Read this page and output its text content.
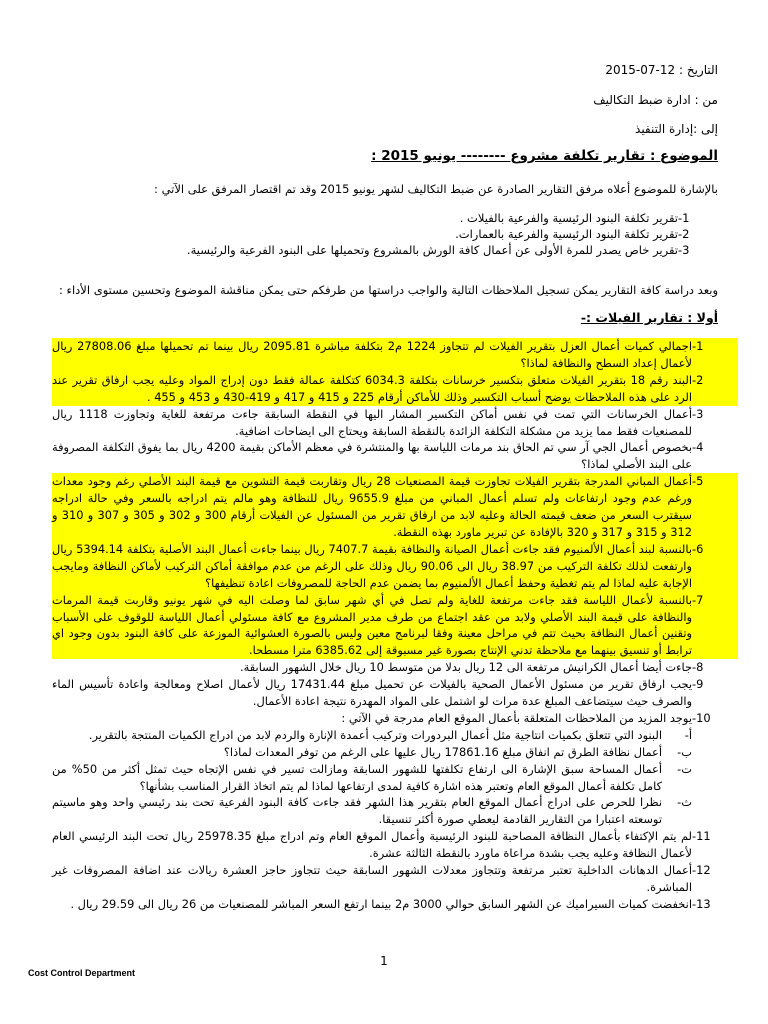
التاريخ : 12-07-2015
من : ادارة ضبط التكاليف
إلى :إدارة التنفيذ
الموضوع : تقارير تكلفة مشروع -------- يونيو 2015 :
بالإشارة للموضوع أعلاه مرفق التقارير الصادرة عن ضبط التكاليف لشهر يونيو 2015 وقد تم اقتصار المرفق على الآتي :
-1
تقرير تكلفة البنود الرئيسية والفرعية بالفيلات .
-2
تقرير تكلفة البنود الرئيسية والفرعية بالعمارات.
-3
تقرير خاص يصدر للمرة الأولى عن أعمال كافة الورش بالمشروع وتحميلها على البنود الفرعية والرئيسية.
وبعد دراسة كافة التقارير يمكن تسجيل الملاحظات التالية والواجب دراستها من طرفكم حتى يمكن مناقشة الموضوع وتحسين مستوى الأداء :
أولا : تقارير الفيلات :-
-1
اجمالي كميات أعمال العزل بتقرير الفيلات لم تتجاوز 1224 م2 بتكلفة مباشرة 2095.81 ريال بينما تم تحميلها مبلغ 27808.06 ريال لأعمال إعداد السطح والنظافة لماذا؟
-2
البند رقم 18 بتقرير الفيلات متعلق بتكسير خرسانات بتكلفة 6034.3 كتكلفة عمالة فقط دون إدراج المواد وعليه يجب ارفاق تقرير عند الرد على هذه الملاحظات يوضح أسباب التكسير وذلك للأماكن أرقام 225 و 415 و 417 و 419-430 و 453 و 455 .
-3
أعمال الخرسانات التي تمت في نفس أماكن التكسير المشار اليها في النقطة السابقة جاءت مرتفعة للغاية وتجاوزت 1118 ريال للمصنعيات فقط مما يزيد من مشكلة التكلفة الزائدة بالنقطة السابقة ويحتاج الى ايضاحات اضافية.
-4
بخصوص أعمال الجي آر سي تم الحاق بند مرمات اللياسة بها والمنتشرة في معظم الأماكن بقيمة 4200 ريال بما يفوق التكلفة المصروفة على البند الأصلي لماذا؟
-5
أعمال المباني المدرجة بتقرير الفيلات تجاوزت قيمة المصنعيات 28 ريال وتقاربت قيمة التشوين مع قيمة البند الأصلي رغم وجود معدات ورغم عدم وجود ارتفاعات ولم تسلم أعمال المباني من مبلغ 9655.9 ريال للنظافة وهو مالم يتم ادراجه بالسعر وفي حالة ادراجه سيقترب السعر من ضعف قيمته الحالة وعليه لابد من ارفاق تقرير من المسئول عن الفيلات أرقام 300 و 302 و 305 و 307 و 310 و 312 و 315 و 317 و 320 بالإفادة عن تبرير ماورد بهذه النقطة.
-6
بالنسبة لبند أعمال الألمنيوم فقد جاءت أعمال الصيانة والنظافة بقيمة 7407.7 ريال بينما جاءت أعمال البند الأصلية بتكلفة 5394.14 ريال وارتفعت لذلك تكلفة التركيب من 38.97 ريال الى 90.06 ريال وذلك على الرغم من عدم موافقة أماكن التركيب لأماكن النظافة ومايجب الإجابة عليه لماذا لم يتم تغطية وحفظ أعمال الألمنيوم بما يضمن عدم الحاجة للمصروفات اعادة تنظيفها؟
-7
بالنسبة لأعمال اللياسة فقد جاءت مرتفعة للغاية ولم تصل في أي شهر سابق لما وصلت اليه في شهر يونيو وقاربت قيمة المرمات والنظافة على قيمة البند الأصلي ولابد من عقد اجتماع من طرف مدير المشروع مع كافة مسئولي أعمال اللياسة للوقوف على الأسباب وتقنين أعمال النظافة بحيث تتم في مراحل معينة وفقا لبرنامج معين وليس بالصورة العشوائية الموزعة على كافة البنود بدون وجود اي ترابط أو تنسيق بينهما مع ملاحظة تدني الإنتاج بصورة غير مسبوقة إلى 6385.62 مترا مسطحا.
-8
جاءت أيضا أعمال الكرانيش مرتفعة الى 12 ريال بدلا من متوسط 10 ريال خلال الشهور السابقة.
-9
يجب ارفاق تقرير من مسئول الأعمال الصحية بالفيلات عن تحميل مبلغ 17431.44 ريال لأعمال اصلاح ومعالجة واعادة تأسيس الماء والصرف حيث سيتضاعف المبلغ عدة مرات لو اشتمل على المواد المهدرة نتيجة اعادة الأعمال.
-10
يوجد المزيد من الملاحظات المتعلقة بأعمال الموقع العام مدرجة في الآتي :
أ-
البنود التي تتعلق بكميات انتاجية مثل أعمال البردورات وتركيب أعمدة الإنارة والردم لابد من ادراج الكميات المنتجة بالتقرير.
ب-
أعمال نظافة الطرق تم انفاق مبلغ 17861.16 ريال عليها على الرغم من توفر المعدات لماذا؟
ت-
أعمال المساحة سبق الإشارة الى ارتفاع تكلفتها للشهور السابقة ومازالت تسير في نفس الإتجاه حيث تمثل أكثر من 50% من كامل تكلفة أعمال الموقع العام وتعتبر هذه اشارة كافية لمدى ارتفاعها لماذا لم يتم اتخاذ القرار المناسب بشأنها؟
ث-
نظرا للحرص على ادراج أعمال الموقع العام بتقرير هذا الشهر فقد جاءت كافة البنود الفرعية تحت بند رئيسي واحد وهو ماسيتم توسعته اعتبارا من التقارير القادمة ليعطي صورة أكثر تنسيقا.
-11
لم يتم الإكتفاء بأعمال النظافة المصاحبة للبنود الرئيسية وأعمال الموقع العام وتم ادراج مبلغ 25978.35 ريال تحت البند الرئيسي العام لأعمال النظافة وعليه يجب بشدة مراعاة ماورد بالنقطة الثالثة عشرة.
-12
أعمال الدهانات الداخلية تعتبر مرتفعة وتتجاوز معدلات الشهور السابقة حيث تتجاوز حاجز العشرة ريالات عند اضافة المصروفات غير المباشرة.
-13
انخفضت كميات السيراميك عن الشهر السابق حوالي 3000 م2 بينما ارتفع السعر المباشر للمصنعيات من 26 ريال الى 29.59 ريال .
1
Cost Control Department
